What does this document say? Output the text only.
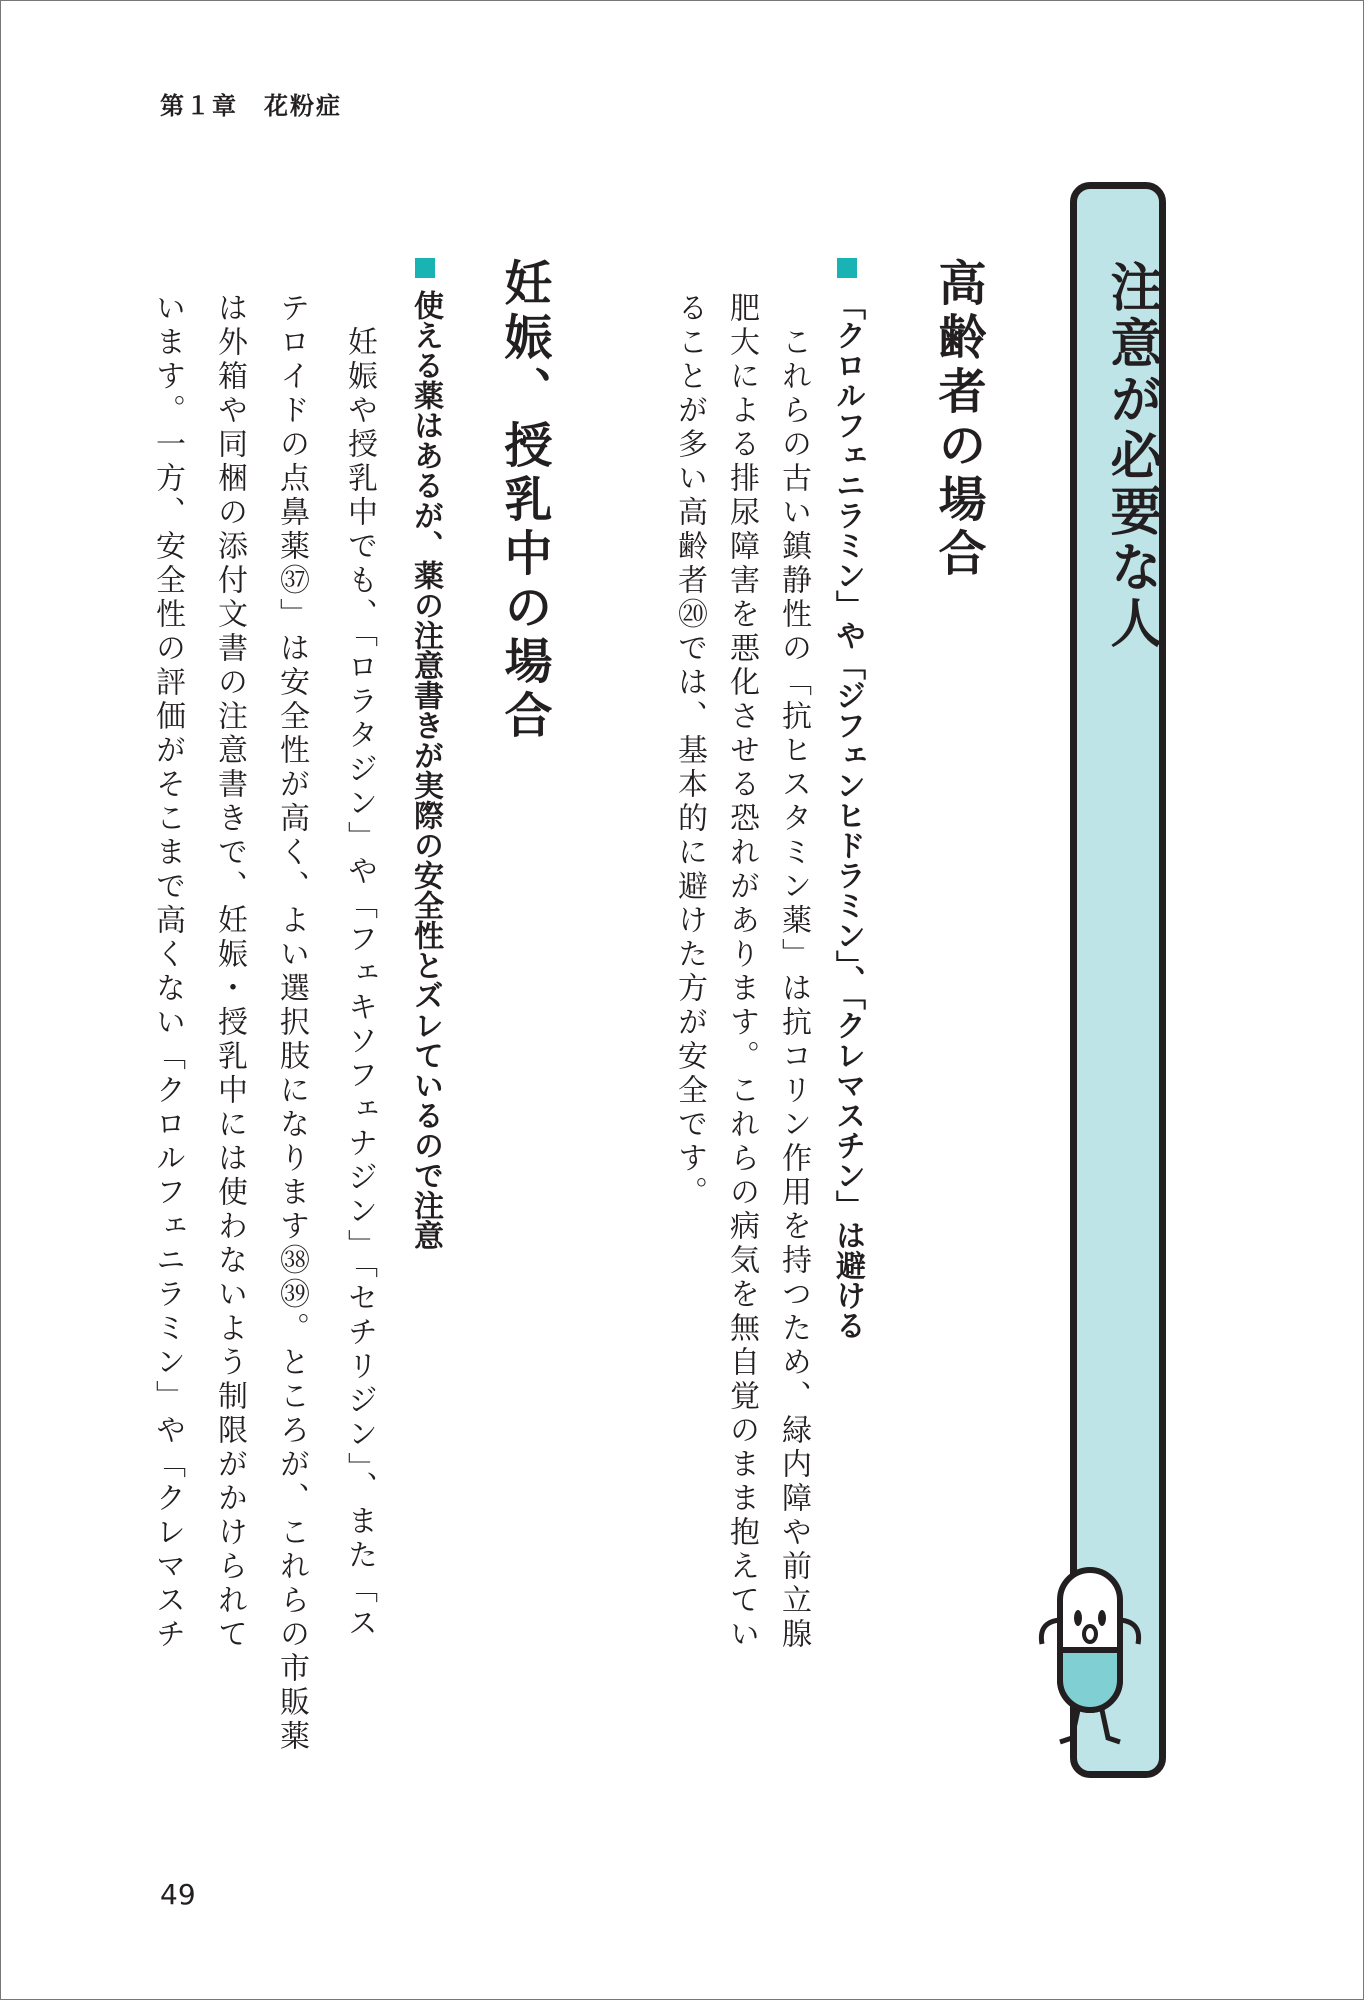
第１章　花粉症
注意が必要な人
高齢者の場合
「クロルフェニラミン」や「ジフェンヒドラミン」、「クレマスチン」は避ける
　これらの古い鎮静性の「抗ヒスタミン薬」は抗コリン作用を持つため、緑内障や前立腺
肥大による排尿障害を悪化させる恐れがあります。これらの病気を無自覚のまま抱えてい
ることが多い高齢者⑳では、基本的に避けた方が安全です。
妊娠、授乳中の場合
使える薬はあるが、薬の注意書きが実際の安全性とズレているので注意
　妊娠や授乳中でも、「ロラタジン」や「フェキソフェナジン」「セチリジン」、また「ス
テロイドの点鼻薬㊲」は安全性が高く、よい選択肢になります㊳㊴。ところが、これらの市販薬
は外箱や同梱の添付文書の注意書きで、妊娠・授乳中には使わないよう制限がかけられて
います。一方、安全性の評価がそこまで高くない「クロルフェニラミン」や「クレマスチ
49
